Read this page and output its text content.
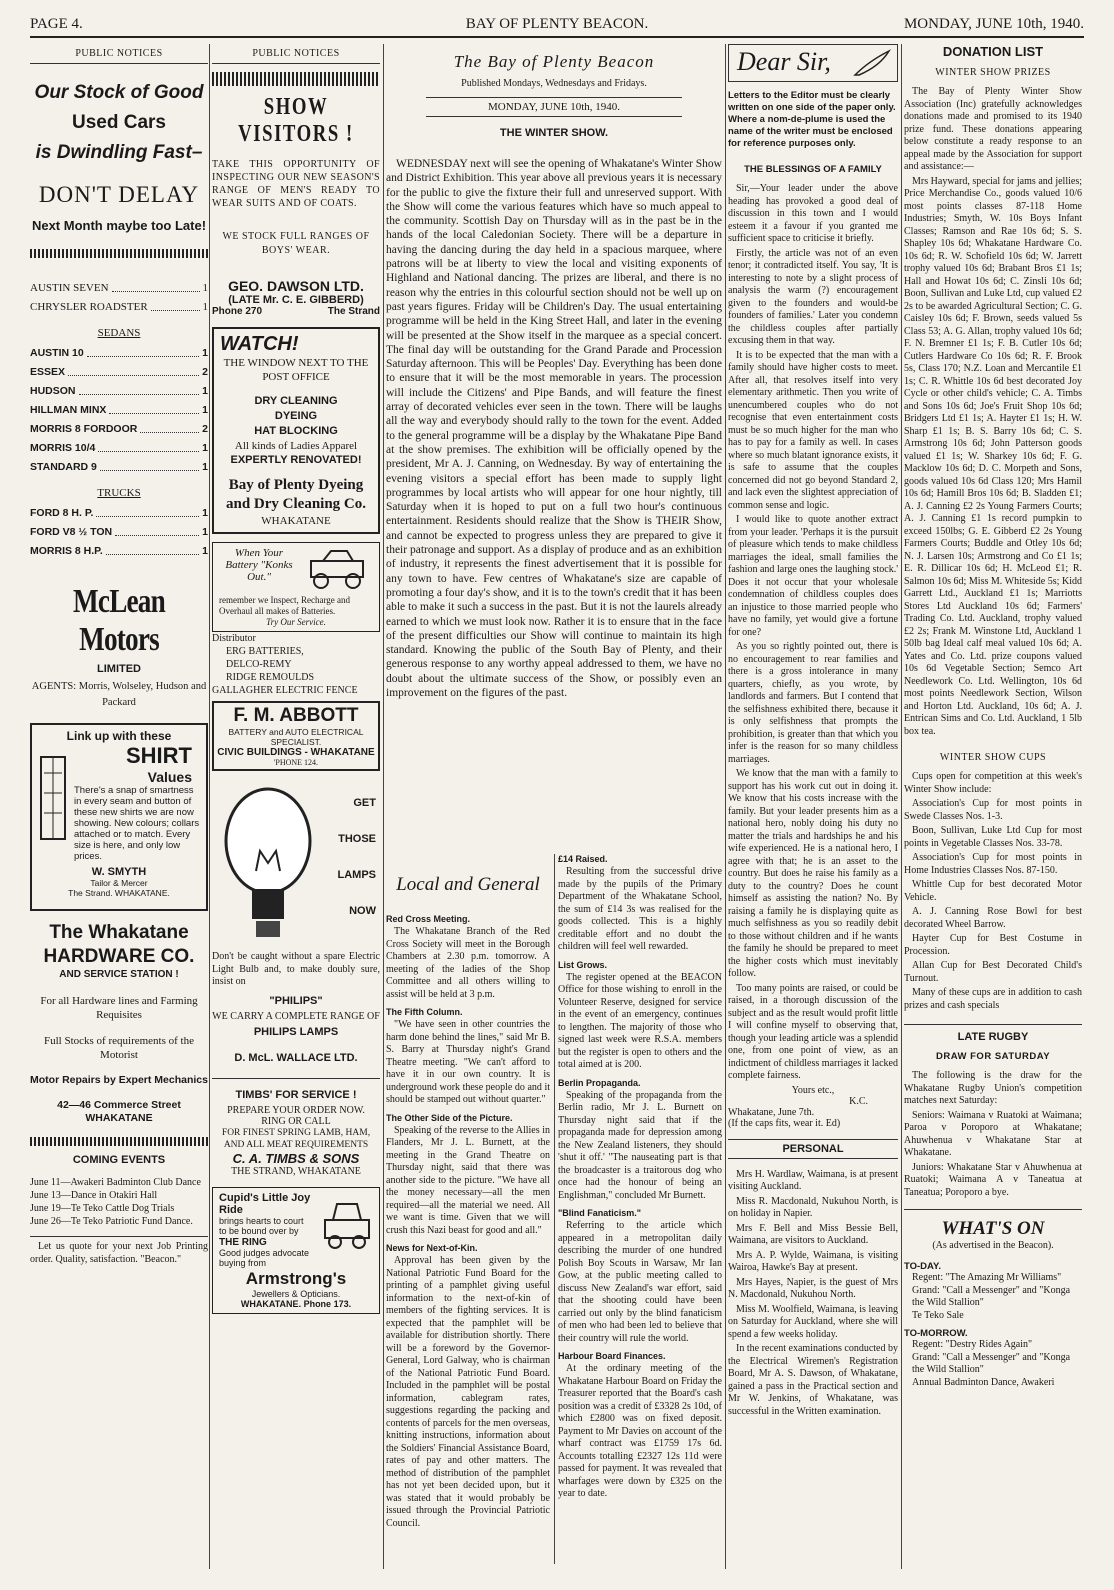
PAGE 4.	BAY OF PLENTY BEACON.	MONDAY, JUNE 10th, 1940.
PUBLIC NOTICES
Our Stock of Good
Used Cars
is Dwindling Fast–
DON'T DELAY
Next Month maybe too Late!
AUSTIN SEVEN	1
CHRYSLER ROADSTER	1
SEDANS
AUSTIN 10	1
ESSEX	2
HUDSON	1
HILLMAN MINX	1
MORRIS 8 FORDOOR	2
MORRIS 10/4	1
STANDARD 9	1
TRUCKS
FORD 8 H. P.	1
FORD V8 ½ TON	1
MORRIS 8 H.P.	1
McLean Motors
LIMITED
AGENTS: Morris, Wolseley, Hudson and Packard
Link up with these
SHIRT
Values
There's a snap of smartness in every seam and button of these new shirts we are now showing. New colours; collars attached or to match. Every size is here, and only low prices.
W. SMYTH
Tailor & Mercer
The Strand. WHAKATANE.
The Whakatane
HARDWARE CO.
AND SERVICE STATION !
For all Hardware lines and Farming Requisites
Full Stocks of requirements of the Motorist
Motor Repairs by Expert Mechanics
42—46 Commerce Street WHAKATANE
COMING EVENTS
June 11—Awakeri Badminton Club Dance
June 13—Dance in Otakiri Hall
June 19—Te Teko Cattle Dog Trials
June 26—Te Teko Patriotic Fund Dance.

Let us quote for your next Job Printing order. Quality, satisfaction. "Beacon."

PUBLIC NOTICES
SHOW VISITORS !
TAKE THIS OPPORTUNITY OF INSPECTING OUR NEW SEASON'S RANGE OF MEN'S READY TO WEAR SUITS AND OF COATS.
WE STOCK FULL RANGES OF BOYS' WEAR.
GEO. DAWSON LTD.
(LATE Mr. C. E. GIBBERD)
Phone 270	The Strand
WATCH!
THE WINDOW NEXT TO THE POST OFFICE
DRY CLEANING
DYEING
HAT BLOCKING
All kinds of Ladies Apparel
EXPERTLY RENOVATED!
Bay of Plenty Dyeing and Dry Cleaning Co.
WHAKATANE
When Your Battery "Konks Out."
remember we Inspect, Recharge and Overhaul all makes of Batteries.
Try Our Service.
Distributor
ERG BATTERIES,
DELCO-REMY
RIDGE REMOULDS
GALLAGHER ELECTRIC FENCE
F. M. ABBOTT
BATTERY and AUTO ELECTRICAL SPECIALIST.
CIVIC BUILDINGS - WHAKATANE
'PHONE 124.
GET
THOSE
LAMPS
NOW

Don't be caught without a spare Electric Light Bulb and, to make doubly sure, insist on

"PHILIPS"
WE CARRY A COMPLETE RANGE OF
PHILIPS LAMPS
D. McL. WALLACE LTD.
TIMBS' FOR SERVICE !
PREPARE YOUR ORDER NOW.
RING OR CALL
FOR FINEST SPRING LAMB, HAM, AND ALL MEAT REQUIREMENTS
C. A. TIMBS & SONS
THE STRAND, WHAKATANE
Cupid's Little Joy Ride
brings hearts to court to be bound over by
THE RING
Good judges advocate buying from
Armstrong's
Jewellers & Opticians.
WHAKATANE. Phone 173.
The Bay of Plenty Beacon
Published Mondays, Wednesdays and Fridays.
MONDAY, JUNE 10th, 1940.
THE WINTER SHOW.

WEDNESDAY next will see the opening of Whakatane's Winter Show and District Exhibition. This year above all previous years it is necessary for the public to give the fixture their full and unreserved support. With the Show will come the various features which have so much appeal to the community. Scottish Day on Thursday will as in the past be in the hands of the local Caledonian Society. There will be a departure in having the dancing during the day held in a spacious marquee, where patrons will be at liberty to view the local and visiting exponents of Highland and National dancing. The prizes are liberal, and there is no reason why the entries in this colourful section should not be well up on past years figures. Friday will be Children's Day. The usual entertaining programme will be held in the King Street Hall, and later in the evening will be presented at the Show itself in the marquee as a special concert. The final day will be outstanding for the Grand Parade and Procession Saturday afternoon. This will be Peoples' Day. Everything has been done to ensure that it will be the most memorable in years. The procession will include the Citizens' and Pipe Bands, and will feature the finest array of decorated vehicles ever seen in the town. There will be laughs all the way and everybody should rally to the town for the event. Added to the general programme will be a display by the Whakatane Pipe Band at the show premises. The exhibition will be officially opened by the president, Mr A. J. Canning, on Wednesday. By way of entertaining the evening visitors a special effort has been made to supply light programmes by local artists who will appear for one hour nightly, till Saturday when it is hoped to put on a full two hour's continuous entertainment. Residents should realize that the Show is THEIR Show, and cannot be expected to progress unless they are prepared to give it their patronage and support. As a display of produce and as an exhibition of industry, it represents the finest advertisement that it is possible for any town to have. Few centres of Whakatane's size are capable of promoting a four day's show, and it is to the town's credit that it has been able to make it such a success in the past. But it is not the laurels already earned to which we must look now. Rather it is to ensure that in the face of the present difficulties our Show will continue to maintain its high standard. Knowing the public of the South Bay of Plenty, and their generous response to any worthy appeal addressed to them, we have no doubt about the ultimate success of the Show, or possibly even an improvement on the figures of the past.

Local and General
Red Cross Meeting.

The Whakatane Branch of the Red Cross Society will meet in the Borough Chambers at 2.30 p.m. tomorrow. A meeting of the ladies of the Shop Committee and all others willing to assist will be held at 3 p.m.

The Fifth Column.

"We have seen in other countries the harm done behind the lines," said Mr B. S. Barry at Thursday night's Grand Theatre meeting. "We can't afford to have it in our own country. It is underground work these people do and it should be stamped out without quarter."

The Other Side of the Picture.

Speaking of the reverse to the Allies in Flanders, Mr J. L. Burnett, at the meeting in the Grand Theatre on Thursday night, said that there was another side to the picture. "We have all the money necessary—all the men required—all the material we need. All we want is time. Given that we will crush this Nazi beast for good and all."

News for Next-of-Kin.

Approval has been given by the National Patriotic Fund Board for the printing of a pamphlet giving useful information to the next-of-kin of members of the fighting services. It is expected that the pamphlet will be available for distribution shortly. There will be a foreword by the Governor-General, Lord Galway, who is chairman of the National Patriotic Fund Board. Included in the pamphlet will be postal information, cablegram rates, suggestions regarding the packing and contents of parcels for the men overseas, knitting instructions, information about the Soldiers' Financial Assistance Board, rates of pay and other matters. The method of distribution of the pamphlet has not yet been decided upon, but it was stated that it would probably be issued through the Provincial Patriotic Council.

£14 Raised.

Resulting from the successful drive made by the pupils of the Primary Department of the Whakatane School, the sum of £14 3s was realised for the goods collected. This is a highly creditable effort and no doubt the children will feel well rewarded.

List Grows.

The register opened at the BEACON Office for those wishing to enroll in the Volunteer Reserve, designed for service in the event of an emergency, continues to lengthen. The majority of those who signed last week were R.S.A. members but the register is open to others and the total aimed at is 200.

Berlin Propaganda.

Speaking of the propaganda from the Berlin radio, Mr J. L. Burnett on Thursday night said that if the propaganda made for depression among the New Zealand listeners, they should 'shut it off.' "The nauseating part is that the broadcaster is a traitorous dog who once had the honour of being an Englishman," concluded Mr Burnett.

"Blind Fanaticism."

Referring to the article which appeared in a metropolitan daily describing the murder of one hundred Polish Boy Scouts in Warsaw, Mr Ian Gow, at the public meeting called to discuss New Zealand's war effort, said that the shooting could have been carried out only by the blind fanaticism of men who had been led to believe that their country will rule the world.

Harbour Board Finances.

At the ordinary meeting of the Whakatane Harbour Board on Friday the Treasurer reported that the Board's cash position was a credit of £3328 2s 10d, of which £2800 was on fixed deposit. Payment to Mr Davies on account of the wharf contract was £1759 17s 6d. Accounts totalling £2327 12s 11d were passed for payment. It was revealed that wharfages were down by £325 on the year to date.

Dear Sir,
Letters to the Editor must be clearly written on one side of the paper only. Where a nom-de-plume is used the name of the writer must be enclosed for reference purposes only.
THE BLESSINGS OF A FAMILY

Sir,—Your leader under the above heading has provoked a good deal of discussion in this town and I would esteem it a favour if you granted me sufficient space to criticise it briefly.

Firstly, the article was not of an even tenor; it contradicted itself. You say, 'It is interesting to note by a slight process of analysis the warm (?) encouragement given to the founders and would-be founders of families.' Later you condemn the childless couples after partially excusing them in that way.

It is to be expected that the man with a family should have higher costs to meet. After all, that resolves itself into very elementary arithmetic. Then you write of unencumbered couples who do not recognise that even entertainment costs must be so much higher for the man who has to pay for a family as well. In cases where so much blatant ignorance exists, it is safe to assume that the couples concerned did not go beyond Standard 2, and lack even the slightest appreciation of common sense and logic.

I would like to quote another extract from your leader. 'Perhaps it is the pursuit of pleasure which tends to make childless marriages the ideal, small families the fashion and large ones the laughing stock.' Does it not occur that your wholesale condemnation of childless couples does an injustice to those married people who have no family, yet would give a fortune for one?

As you so rightly pointed out, there is no encouragement to rear families and there is a gross intolerance in many quarters, chiefly, as you wrote, by landlords and farmers. But I contend that the selfishness exhibited there, because it is only selfishness that prompts the prohibition, is greater than that which you infer is the reason for so many childless marriages.

We know that the man with a family to support has his work cut out in doing it. We know that his costs increase with the family. But your leader presents him as a national hero, nobly doing his duty no matter the trials and hardships he and his wife experienced. He is a national hero, I agree with that; he is an asset to the country. But does he raise his family as a duty to the country? Does he count himself as assisting the nation? No. By raising a family he is displaying quite as much selfishness as you so readily debit to those without children and if he wants the family he should be prepared to meet the higher costs which must inevitably follow.

Too many points are raised, or could be raised, in a thorough discussion of the subject and as the result would profit little I will confine myself to observing that, though your leading article was a splendid one, from one point of view, as an indictment of childless marriages it lacked complete fairness.

Yours etc.,
K.C.
Whakatane, June 7th.
(If the caps fits, wear it. Ed)
PERSONAL

Mrs H. Wardlaw, Waimana, is at present visiting Auckland.

Miss R. Macdonald, Nukuhou North, is on holiday in Napier.

Mrs F. Bell and Miss Bessie Bell, Waimana, are visitors to Auckland.

Mrs A. P. Wylde, Waimana, is visiting Wairoa, Hawke's Bay at present.

Mrs Hayes, Napier, is the guest of Mrs N. Macdonald, Nukuhou North.

Miss M. Woolfield, Waimana, is leaving on Saturday for Auckland, where she will spend a few weeks holiday.

In the recent examinations conducted by the Electrical Wiremen's Registration Board, Mr A. S. Dawson, of Whakatane, gained a pass in the Practical section and Mr W. Jenkins, of Whakatane, was successful in the Written examination.

DONATION LIST
WINTER SHOW PRIZES

The Bay of Plenty Winter Show Association (Inc) gratefully acknowledges donations made and promised to its 1940 prize fund. These donations appearing below constitute a ready response to an appeal made by the Association for support and assistance:—

Mrs Hayward, special for jams and jellies; Price Merchandise Co., goods valued 10/6 most points classes 87-118 Home Industries; Smyth, W. 10s Boys Infant Classes; Ramson and Rae 10s 6d; S. S. Shapley 10s 6d; Whakatane Hardware Co. 10s 6d; R. W. Schofield 10s 6d; W. Jarrett trophy valued 10s 6d; Brabant Bros £1 1s; Hall and Howat 10s 6d; C. Zinsli 10s 6d; Boon, Sullivan and Luke Ltd, cup valued £2 2s to be awarded Agricultural Section; C. G. Caisley 10s 6d; F. Brown, seeds valued 5s Class 53; A. G. Allan, trophy valued 10s 6d; F. N. Bremner £1 1s; F. B. Cutler 10s 6d; Cutlers Hardware Co 10s 6d; R. F. Brook 5s, Class 170; N.Z. Loan and Mercantile £1 1s; C. R. Whittle 10s 6d best decorated Joy Cycle or other child's vehicle; C. A. Timbs and Sons 10s 6d; Joe's Fruit Shop 10s 6d; Bridgers Ltd £1 1s; A. Hayter £1 1s; H. W. Sharp £1 1s; B. S. Barry 10s 6d; C. S. Armstrong 10s 6d; John Patterson goods valued £1 1s; W. Sharkey 10s 6d; F. G. Macklow 10s 6d; D. C. Morpeth and Sons, goods valued 10s 6d Class 120; Mrs Hamil 10s 6d; Hamill Bros 10s 6d; B. Sladden £1; A. J. Canning £2 2s Young Farmers Courts; A. J. Canning £1 1s record pumpkin to exceed 150lbs; G. E. Gibberd £2 2s Young Farmers Courts; Buddle and Otley 10s 6d; N. J. Larsen 10s; Armstrong and Co £1 1s; E. R. Dillicar 10s 6d; H. McLeod £1; R. Salmon 10s 6d; Miss M. Whiteside 5s; Kidd Garrett Ltd., Auckland £1 1s; Marriotts Stores Ltd Auckland 10s 6d; Farmers' Trading Co. Ltd. Auckland, trophy valued £2 2s; Frank M. Winstone Ltd, Auckland 1 50lb bag Ideal calf meal valued 10s 6d; A. Yates and Co. Ltd. prize coupons valued 10s 6d Vegetable Section; Semco Art Needlework Co. Ltd. Wellington, 10s 6d most points Needlework Section, Wilson and Horton Ltd. Auckland, 10s 6d; A. J. Entrican Sims and Co. Ltd. Auckland, 1 5lb box tea.

WINTER SHOW CUPS

Cups open for competition at this week's Winter Show include:

Association's Cup for most points in Swede Classes Nos. 1-3.

Boon, Sullivan, Luke Ltd Cup for most points in Vegetable Classes Nos. 33-78.

Association's Cup for most points in Home Industries Classes Nos. 87-150.

Whittle Cup for best decorated Motor Vehicle.

A. J. Canning Rose Bowl for best decorated Wheel Barrow.

Hayter Cup for Best Costume in Procession.

Allan Cup for Best Decorated Child's Turnout.

Many of these cups are in addition to cash prizes and cash specials

LATE RUGBY
DRAW FOR SATURDAY

The following is the draw for the Whakatane Rugby Union's competition matches next Saturday:

Seniors: Waimana v Ruatoki at Waimana; Paroa v Poroporo at Whakatane; Ahuwhenua v Whakatane Star at Whakatane.

Juniors: Whakatane Star v Ahuwhenua at Ruatoki; Waimana A v Taneatua at Taneatua; Poroporo a bye.

WHAT'S ON
(As advertised in the Beacon).
TO-DAY.
Regent: "The Amazing Mr Williams"
Grand: "Call a Messenger" and "Konga the Wild Stallion"
Te Teko Sale
TO-MORROW.
Regent: "Destry Rides Again"
Grand: "Call a Messenger" and "Konga the Wild Stallion"
Annual Badminton Dance, Awakeri
